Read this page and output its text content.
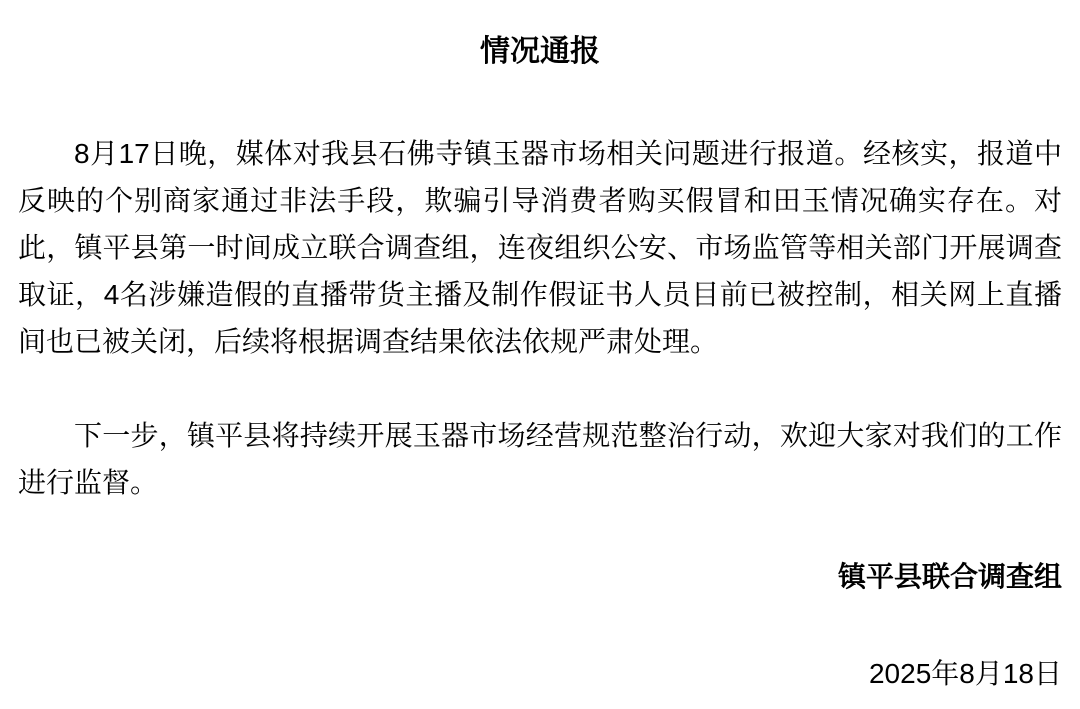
情况通报

8月17日晚，媒体对我县石佛寺镇玉器市场相关问题进行报道。经核实，报道中反映的个别商家通过非法手段，欺骗引导消费者购买假冒和田玉情况确实存在。对此，镇平县第一时间成立联合调查组，连夜组织公安、市场监管等相关部门开展调查取证，4名涉嫌造假的直播带货主播及制作假证书人员目前已被控制，相关网上直播间也已被关闭，后续将根据调查结果依法依规严肃处理。

下一步，镇平县将持续开展玉器市场经营规范整治行动，欢迎大家对我们的工作进行监督。

镇平县联合调查组

2025年8月18日
